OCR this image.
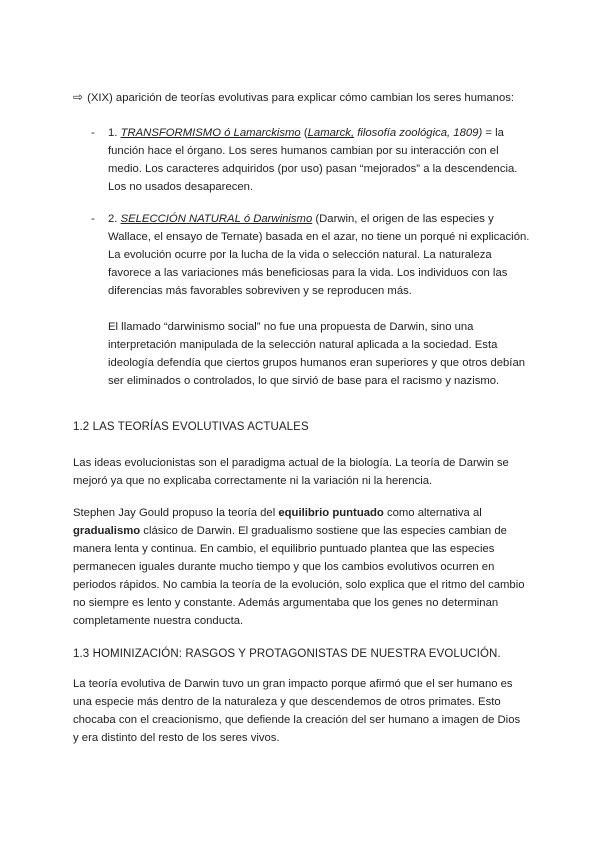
⇨ (XIX) aparición de teorías evolutivas para explicar cómo cambian los seres humanos:
- 1. TRANSFORMISMO ó Lamarckismo (Lamarck, filosofía zoológica, 1809) = la función hace el órgano. Los seres humanos cambian por su interacción con el medio. Los caracteres adquiridos (por uso) pasan “mejorados” a la descendencia. Los no usados desaparecen.
- 2. SELECCIÓN NATURAL ó Darwinismo (Darwin, el origen de las especies y Wallace, el ensayo de Ternate) basada en el azar, no tiene un porqué ni explicación. La evolución ocurre por la lucha de la vida o selección natural. La naturaleza favorece a las variaciones más beneficiosas para la vida. Los individuos con las diferencias más favorables sobreviven y se reproducen más.
El llamado “darwinismo social” no fue una propuesta de Darwin, sino una interpretación manipulada de la selección natural aplicada a la sociedad. Esta ideología defendía que ciertos grupos humanos eran superiores y que otros debían ser eliminados o controlados, lo que sirvió de base para el racismo y nazismo.
1.2 LAS TEORÍAS EVOLUTIVAS ACTUALES
Las ideas evolucionistas son el paradigma actual de la biología. La teoría de Darwin se mejoró ya que no explicaba correctamente ni la variación ni la herencia.
Stephen Jay Gould propuso la teoría del equilibrio puntuado como alternativa al gradualismo clásico de Darwin. El gradualismo sostiene que las especies cambian de manera lenta y continua. En cambio, el equilibrio puntuado plantea que las especies permanecen iguales durante mucho tiempo y que los cambios evolutivos ocurren en periodos rápidos. No cambia la teoría de la evolución, solo explica que el ritmo del cambio no siempre es lento y constante. Además argumentaba que los genes no determinan completamente nuestra conducta.
1.3 HOMINIZACIÓN: RASGOS Y PROTAGONISTAS DE NUESTRA EVOLUCIÓN.
La teoría evolutiva de Darwin tuvo un gran impacto porque afirmó que el ser humano es una especie más dentro de la naturaleza y que descendemos de otros primates. Esto chocaba con el creacionismo, que defiende la creación del ser humano a imagen de Dios y era distinto del resto de los seres vivos.
